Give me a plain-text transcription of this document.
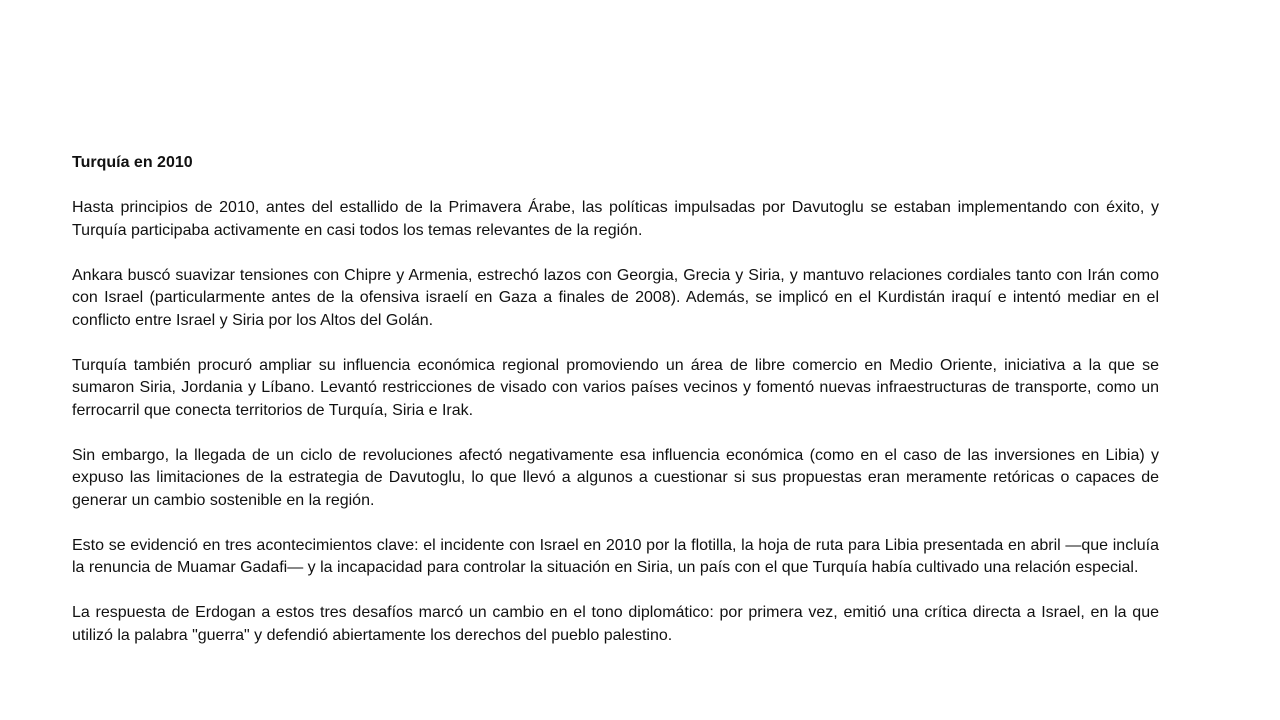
Turquía en 2010

Hasta principios de 2010, antes del estallido de la Primavera Árabe, las políticas impulsadas por Davutoglu se estaban implementando con éxito, y Turquía participaba activamente en casi todos los temas relevantes de la región.

Ankara buscó suavizar tensiones con Chipre y Armenia, estrechó lazos con Georgia, Grecia y Siria, y mantuvo relaciones cordiales tanto con Irán como con Israel (particularmente antes de la ofensiva israelí en Gaza a finales de 2008). Además, se implicó en el Kurdistán iraquí e intentó mediar en el conflicto entre Israel y Siria por los Altos del Golán.

Turquía también procuró ampliar su influencia económica regional promoviendo un área de libre comercio en Medio Oriente, iniciativa a la que se sumaron Siria, Jordania y Líbano. Levantó restricciones de visado con varios países vecinos y fomentó nuevas infraestructuras de transporte, como un ferrocarril que conecta territorios de Turquía, Siria e Irak.

Sin embargo, la llegada de un ciclo de revoluciones afectó negativamente esa influencia económica (como en el caso de las inversiones en Libia) y expuso las limitaciones de la estrategia de Davutoglu, lo que llevó a algunos a cuestionar si sus propuestas eran meramente retóricas o capaces de generar un cambio sostenible en la región.

Esto se evidenció en tres acontecimientos clave: el incidente con Israel en 2010 por la flotilla, la hoja de ruta para Libia presentada en abril —que incluía la renuncia de Muamar Gadafi— y la incapacidad para controlar la situación en Siria, un país con el que Turquía había cultivado una relación especial.

La respuesta de Erdogan a estos tres desafíos marcó un cambio en el tono diplomático: por primera vez, emitió una crítica directa a Israel, en la que utilizó la palabra "guerra" y defendió abiertamente los derechos del pueblo palestino.
